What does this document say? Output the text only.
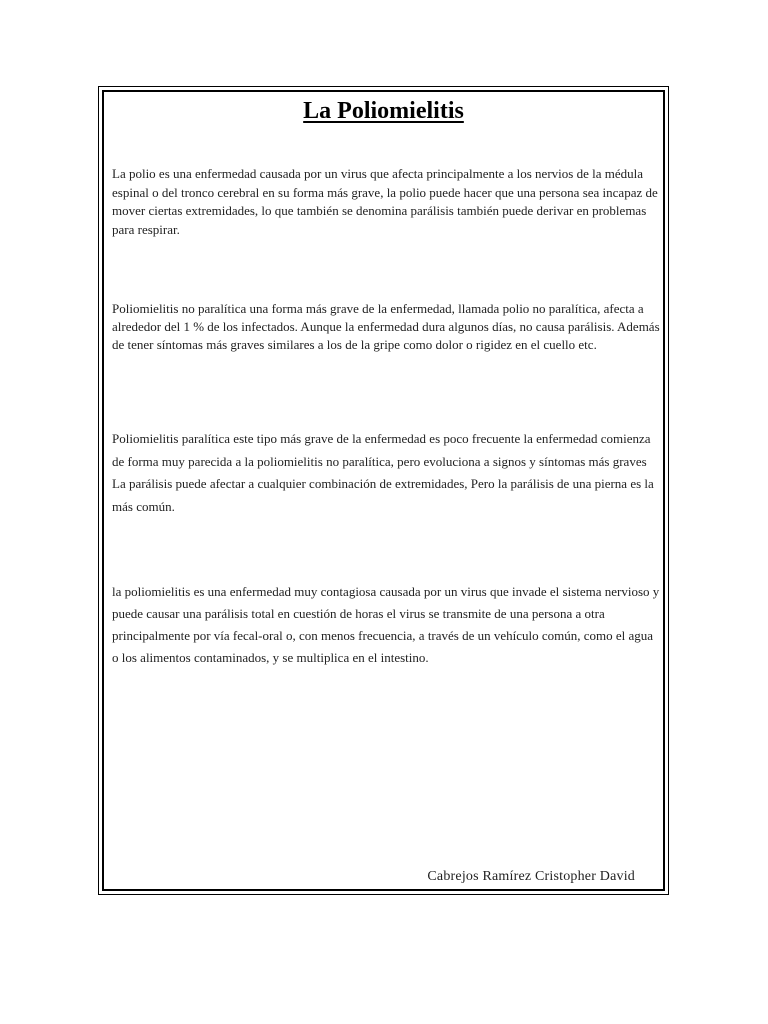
La Poliomielitis

La polio es una enfermedad causada por un virus que afecta principalmente a los nervios de la médula espinal o del tronco cerebral en su forma más grave, la polio puede hacer que una persona sea incapaz de mover ciertas extremidades, lo que también se denomina parálisis también puede derivar en problemas para respirar.

Poliomielitis no paralítica una forma más grave de la enfermedad, llamada polio no paralítica, afecta a alrededor del 1 % de los infectados. Aunque la enfermedad dura algunos días, no causa parálisis. Además de tener síntomas más graves similares a los de la gripe como dolor o rigidez en el cuello etc.

Poliomielitis paralítica este tipo más grave de la enfermedad es poco frecuente la enfermedad comienza de forma muy parecida a la poliomielitis no paralítica, pero evoluciona a signos y síntomas más graves La parálisis puede afectar a cualquier combinación de extremidades, Pero la parálisis de una pierna es la más común.

la poliomielitis es una enfermedad muy contagiosa causada por un virus que invade el sistema nervioso y puede causar una parálisis total en cuestión de horas el virus se transmite de una persona a otra principalmente por vía fecal-oral o, con menos frecuencia, a través de un vehículo común, como el agua o los alimentos contaminados, y se multiplica en el intestino.

Cabrejos Ramírez Cristopher David
